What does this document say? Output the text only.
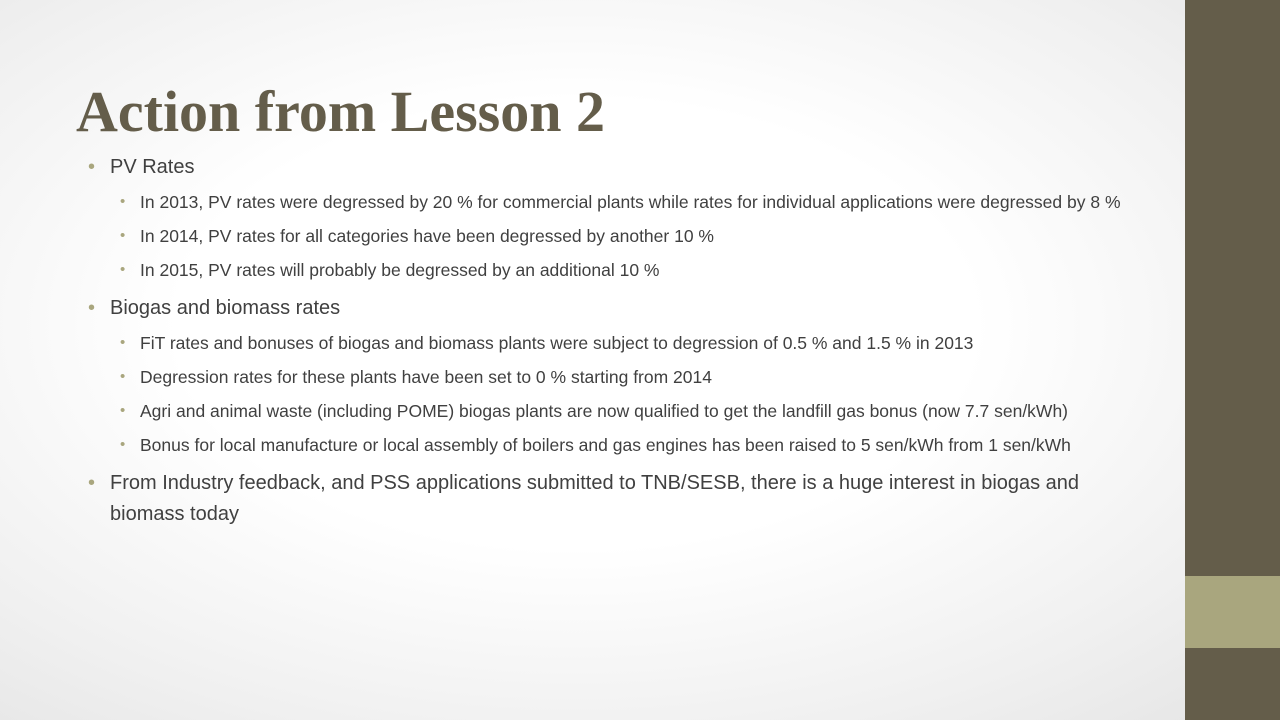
Action from Lesson 2
• PV Rates
• In 2013, PV rates were degressed by 20 % for commercial plants while rates for individual applications were degressed by 8 %
• In 2014, PV rates for all categories have been degressed by another 10 %
• In 2015, PV rates will probably be degressed by an additional 10 %
• Biogas and biomass rates
• FiT rates and bonuses of biogas and biomass plants were subject to degression of 0.5 % and 1.5 % in 2013
• Degression rates for these plants have been set to 0 % starting from 2014
• Agri and animal waste (including POME) biogas plants are now qualified to get the landfill gas bonus (now 7.7 sen/kWh)
• Bonus for local manufacture or local assembly of boilers and gas engines has been raised to 5 sen/kWh from 1 sen/kWh
• From Industry feedback, and PSS applications submitted to TNB/SESB, there is a huge interest in biogas and biomass today
